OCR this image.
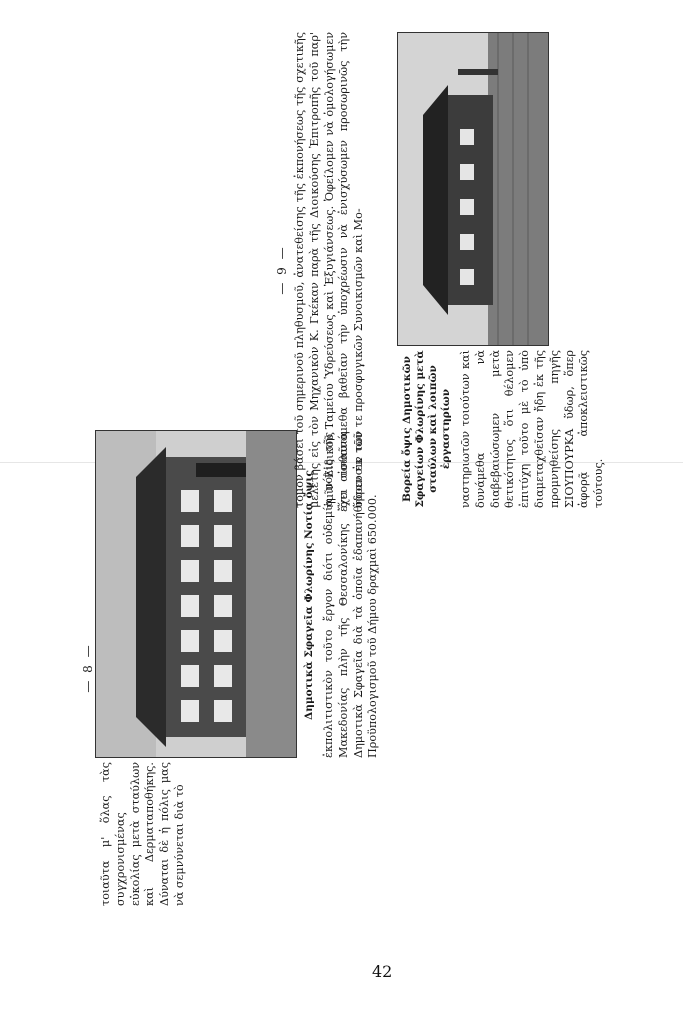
— 8 —

τοιαῦτα μ' ὅλας τὰς συγχρονισμένας εὐκολίας μετὰ σταύλων καὶ Δερματαποθήκης. Δύναται δὲ ἡ πόλις μας νὰ σεμνύνεται διὰ τὸ

Δημοτικὰ Σφαγεῖα Φλωρίνης Νοτία ὄψις ἐκπολιτιστικὸν τοῦτο ἔργον διότι οὐδεμία πόλις τῆς Μακεδονίας πλὴν τῆς Θεσσαλονίκης ἔχει τοιαῦτα Δημοτικὰ Σφαγεῖα διὰ τὰ ὁποῖα ἐδαπανήθησαν ἐκ τοῦ Προϋπολογισμοῦ τοῦ Δήμου δραχμαὶ 650.000.

— 9 — τομον βάσει τοῦ σημερινοῦ πληθυσμοῦ, ἀνατεθείσης τῆς ἐκπονήσεως τῆς σχετικῆς μελέτης εἰς τὸν Μηχανικὸν Κ. Γκέκαν παρὰ τῆς Διοικούσης Ἐπιτροπῆς τοῦ παρ' ἡμῖν Εἰδικοῦ Ταμείου Ὑδρεύσεως καὶ Ἐξυγιάνσεως. Ὀφείλομεν νὰ ὁμολογήσωμεν ὅτι αἰσθανόμεθα βαθεῖαν τὴν ὑποχρέωσιν νὰ ἐνισχύσωμεν προσωρινῶς τὴν ὕδρευσιν τῶν τε προσφυγικῶν Συνοικισμῶν καὶ Μο-	Βορεία ὄψις Δημοτικῶν Σφαγείων Φλωρίνης μετὰ σταύλων καὶ λοιπῶν ἐργαστηρίων ναστηριωτῶν τοιούτων καὶ δυνάμεθα νὰ διαβεβαιώσωμεν μετὰ θετικότητος ὅτι θέλομεν ἐπιτύχη τοῦτο μὲ τὸ ὑπὸ διαμεταχθεῖσαν ἤδη ἐκ τῆς προμνηθείσης πηγῆς ΣΙΟΥΠΟΥΡΚΑ ὕδωρ, ὅπερ ἀφορᾷ ἀποκλειστικῶς τούτους.

42
